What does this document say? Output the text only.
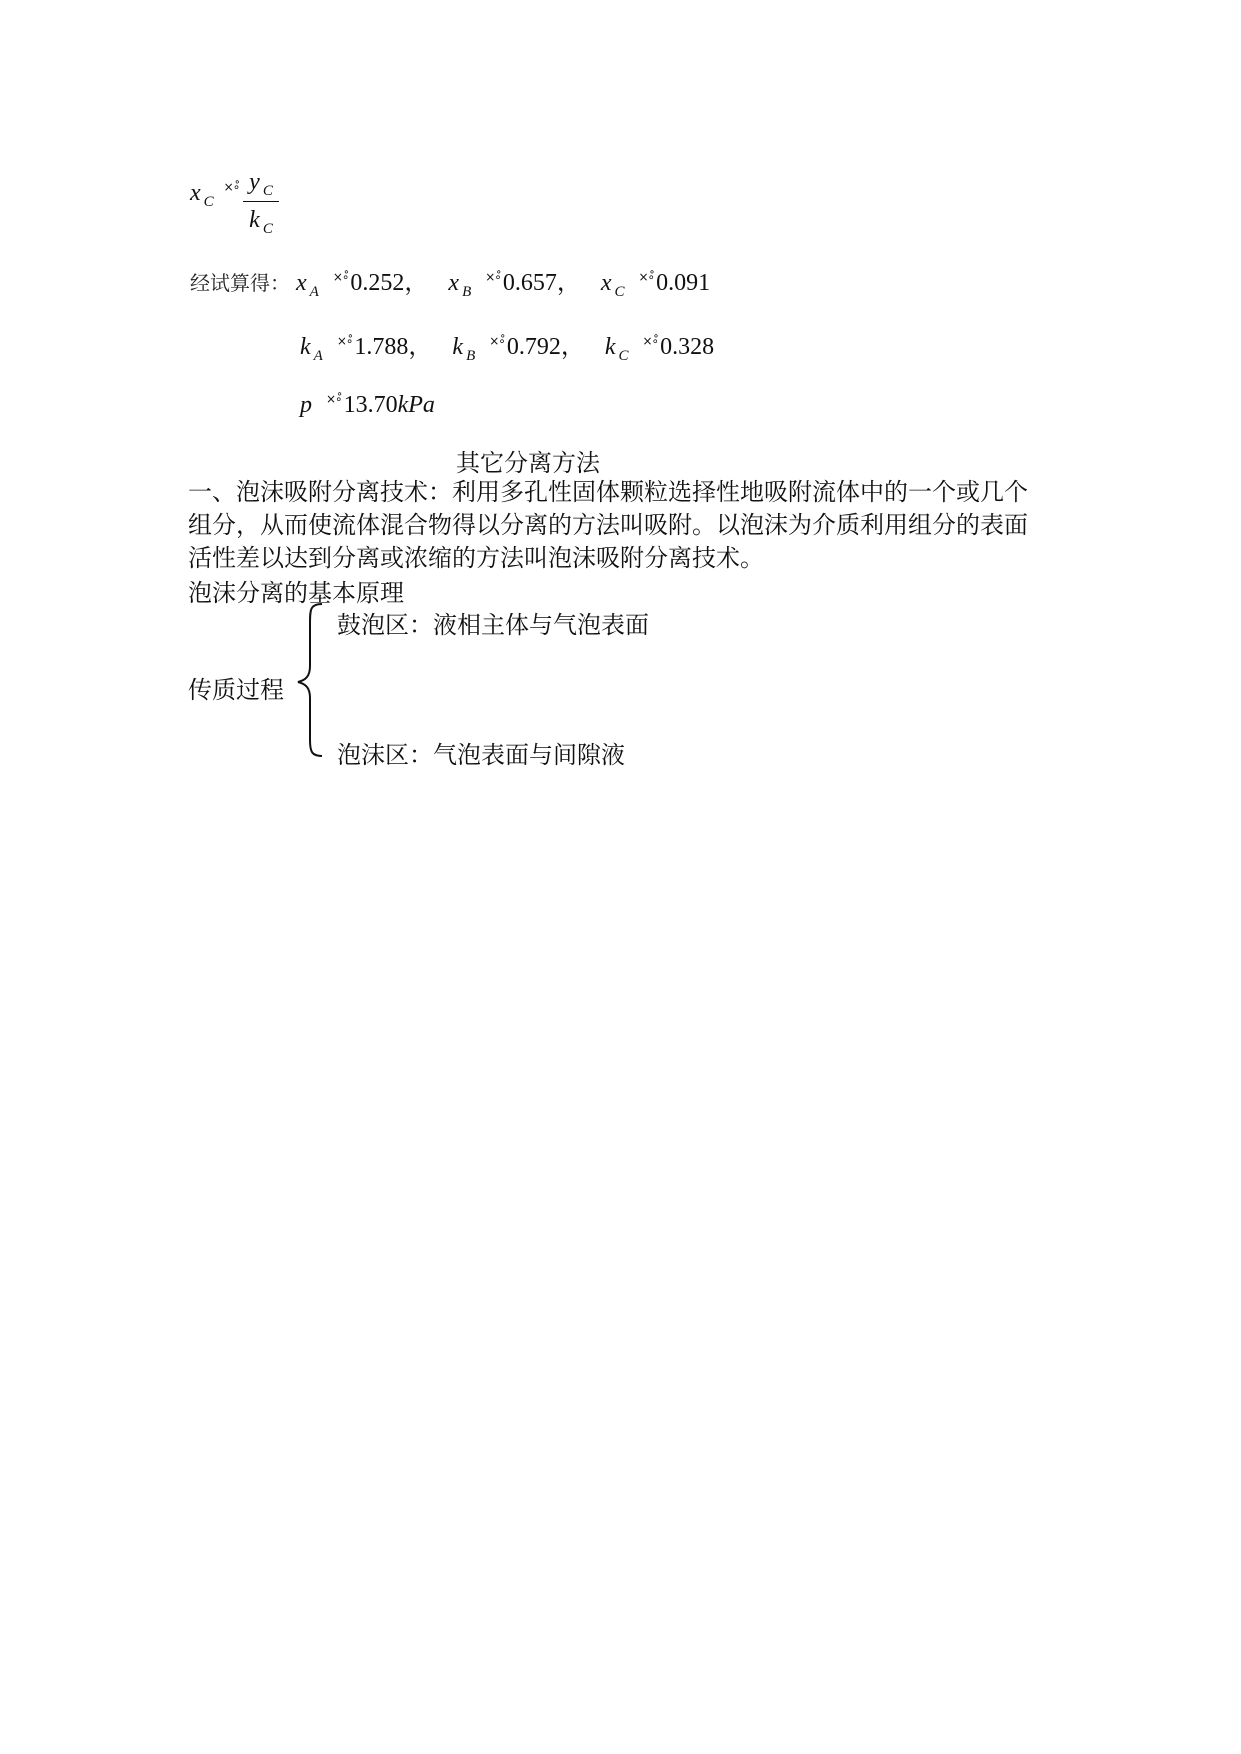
x $_C$×∘̊ y $_C$
k $_C$
经试算得： x $_A$×∘̊0.252， x $_B$×∘̊0.657， x $_C$×∘̊0.091
k $_A$×∘̊1.788， k $_B$×∘̊0.792， k $_C$×∘̊0.328
p ×∘̊13.70kPa
其它分离方法

一、泡沫吸附分离技术：利用多孔性固体颗粒选择性地吸附流体中的一个或几个

组分，从而使流体混合物得以分离的方法叫吸附。以泡沫为介质利用组分的表面

活性差以达到分离或浓缩的方法叫泡沫吸附分离技术。

泡沫分离的基本原理
传质过程
鼓泡区：液相主体与气泡表面
泡沫区：气泡表面与间隙液
